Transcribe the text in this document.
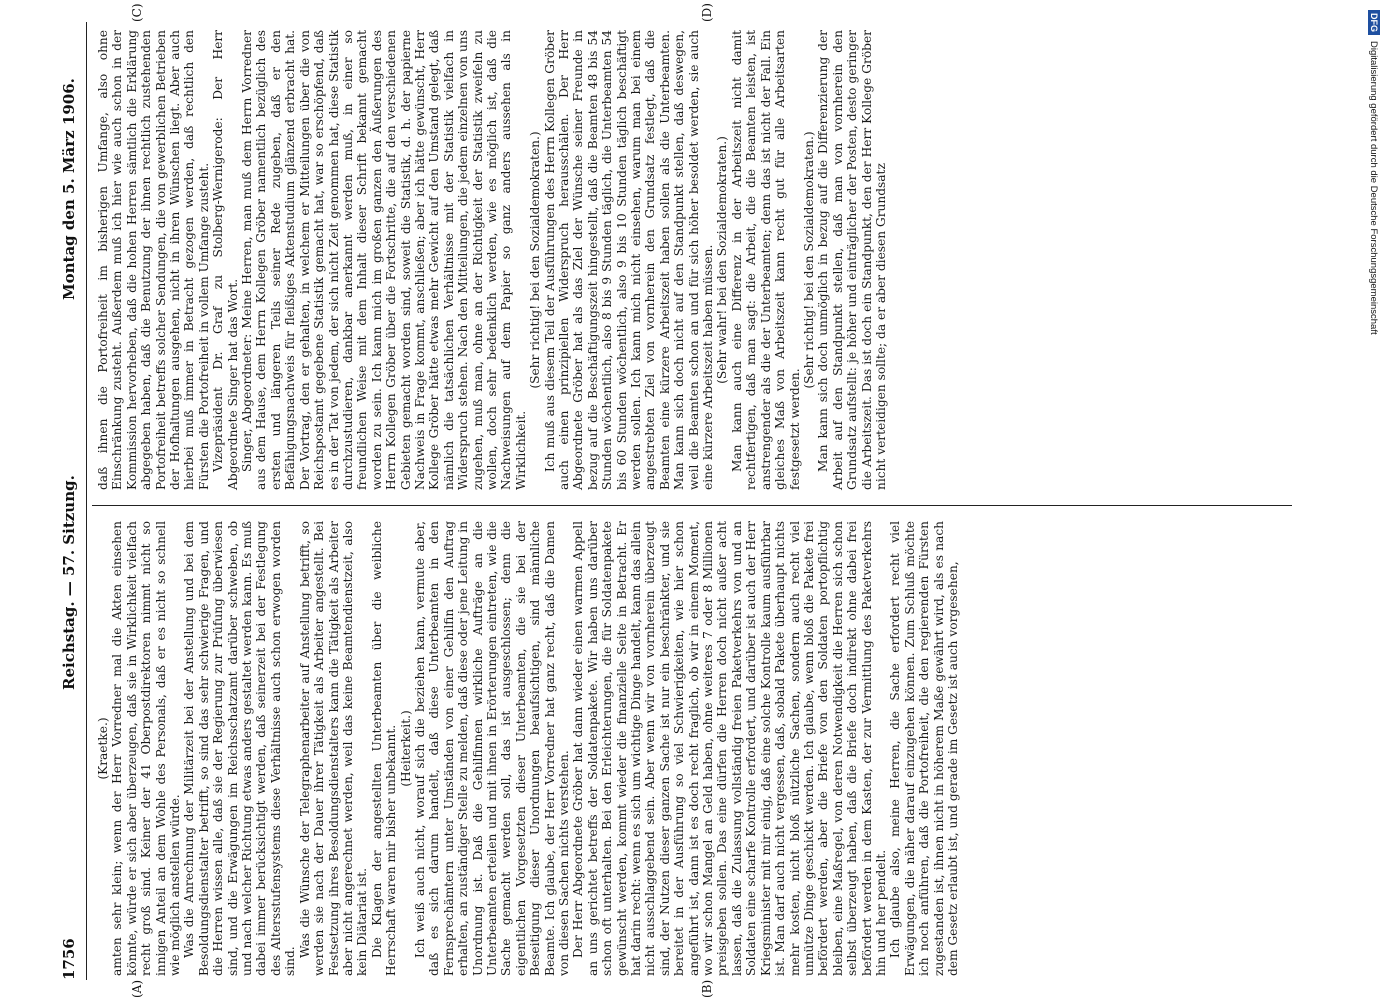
1756
Reichstag. — 57. Sitzung.
Montag den 5. März 1906.
(A)	(B)
(C)	(D)

(Kraetke.) amten sehr klein; wenn der Herr Vorredner mal die Akten einsehen könnte, würde er sich aber überzeugen, daß sie in Wirklichkeit vielfach recht groß sind. Keiner der 41 Oberpostdirektoren nimmt nicht so innigen Anteil an dem Wohle des Personals, daß er es nicht so schnell wie möglich anstellen würde. Was die Anrechnung der Militärzeit bei der Anstellung und bei dem Besoldungsdienstalter betrifft, so sind das sehr schwierige Fragen, und die Herren wissen alle, daß sie der Regierung zur Prüfung überwiesen sind, und die Erwägungen im Reichsschatzamt darüber schweben, ob und nach welcher Richtung etwas anders gestaltet werden kann. Es muß dabei immer berücksichtigt werden, daß seinerzeit bei der Festlegung des Altersstufensystems diese Verhältnisse auch schon erwogen worden sind.

Was die Wünsche der Telegraphenarbeiter auf Anstellung betrifft, so werden sie nach der Dauer ihrer Tätigkeit als Arbeiter angestellt. Bei Festsetzung ihres Besoldungsdienstalters kann die Tätigkeit als Arbeiter aber nicht angerechnet werden, weil das keine Beamtendienstzeit, also kein Diätariat ist. Die Klagen der angestellten Unterbeamten über die weibliche Herrschaft waren mir bisher unbekannt. (Heiterkeit.) Ich weiß auch nicht, worauf sich die beziehen kann, vermute aber, daß es sich darum handelt, daß diese Unterbeamten in den Fernsprechämtern unter Umständen von einer Gehilfin den Auftrag erhalten, an zuständiger Stelle zu melden, daß diese oder jene Leitung in Unordnung ist. Daß die Gehilfinnen wirkliche Aufträge an die Unterbeamten erteilen und mit ihnen in Erörterungen eintreten, wie die Sache gemacht werden soll, das ist ausgeschlossen; denn die eigentlichen Vorgesetzten dieser Unterbeamten, die sie bei der Beseitigung dieser Unordnungen beaufsichtigen, sind männliche Beamte. Ich glaube, der Herr Vorredner hat ganz recht, daß die Damen von diesen Sachen nichts verstehen. Der Herr Abgeordnete Gröber hat dann wieder einen warmen Appell an uns gerichtet betreffs der Soldatenpakete. Wir haben uns darüber schon oft unterhalten. Bei den Erleichterungen, die für Soldatenpakete gewünscht werden, kommt wieder die finanzielle Seite in Betracht. Er hat darin recht: wenn es sich um wichtige Dinge handelt, kann das allein nicht ausschlaggebend sein. Aber wenn wir von vornherein überzeugt sind, der Nutzen dieser ganzen Sache ist nur ein beschränkter, und sie bereitet in der Ausführung so viel Schwierigkeiten, wie hier schon angeführt ist, dann ist es doch recht fraglich, ob wir in einem Moment, wo wir schon Mangel an Geld haben, ohne weiteres 7 oder 8 Millionen preisgeben sollen. Das eine dürfen die Herren doch nicht außer acht lassen, daß die Zulassung vollständig freien Paketverkehrs von und an Soldaten eine scharfe Kontrolle erfordert, und darüber ist auch der Herr Kriegsminister mit mir einig, daß eine solche Kontrolle kaum ausführbar ist. Man darf auch nicht vergessen, daß, sobald Pakete überhaupt nichts mehr kosten, nicht bloß nützliche Sachen, sondern auch recht viel unnütze Dinge geschickt werden. Ich glaube, wenn bloß die Pakete frei befördert werden, aber die Briefe von den Soldaten portopflichtig bleiben, eine Maßregel, von deren Notwendigkeit die Herren sich schon selbst überzeugt haben, daß die Briefe doch indirekt ohne dabei frei befördert werden in dem Kasten, der zur Vermittlung des Paketverkehrs hin und her pendelt. Ich glaube also, meine Herren, die Sache erfordert recht viel Erwägungen, die näher darauf einzugehen können. Zum Schluß möchte ich noch anführen, daß die Portofreiheit, die den regierenden Fürsten zugestanden ist, ihnen nicht in höherem Maße gewährt wird, als es nach dem Gesetz erlaubt ist, und gerade im Gesetz ist auch vorgesehen,

daß ihnen die Portofreiheit im bisherigen Umfange, also ohne Einschränkung zusteht. Außerdem muß ich hier wie auch schon in der Kommission hervorheben, daß die hohen Herren sämtlich die Erklärung abgegeben haben, daß die Benutzung der ihnen rechtlich zustehenden Portofreiheit betreffs solcher Sendungen, die von gewerblichen Betrieben der Hofhaltungen ausgehen, nicht in ihren Wünschen liegt. Aber auch hierbei muß immer in Betracht gezogen werden, daß rechtlich den Fürsten die Portofreiheit in vollem Umfange zusteht. Vizepräsident Dr. Graf zu Stolberg-Wernigerode: Der Herr Abgeordnete Singer hat das Wort. Singer, Abgeordneter: Meine Herren, man muß dem Herrn Vorredner aus dem Hause, dem Herrn Kollegen Gröber namentlich bezüglich des ersten und längeren Teils seiner Rede zugeben, daß er den Befähigungsnachweis für fleißiges Aktenstudium glänzend erbracht hat. Der Vortrag, den er gehalten, in welchem er Mitteilungen über die von Reichspostamt gegebene Statistik gemacht hat, war so erschöpfend, daß es in der Tat von jedem, der sich nicht Zeit genommen hat, diese Statistik durchzustudieren, dankbar anerkannt werden muß, in einer so freundlichen Weise mit dem Inhalt dieser Schrift bekannt gemacht worden zu sein. Ich kann mich im großen ganzen den Äußerungen des Herrn Kollegen Gröber über die Fortschritte, die auf den verschiedenen Gebieten gemacht worden sind, soweit die Statistik, d. h. der papierne Nachweis in Frage kommt, anschließen; aber ich hätte gewünscht, Herr Kollege Gröber hätte etwas mehr Gewicht auf den Umstand gelegt, daß nämlich die tatsächlichen Verhältnisse mit der Statistik vielfach in Widerspruch stehen. Nach den Mitteilungen, die jedem einzelnen von uns zugehen, muß man, ohne an der Richtigkeit der Statistik zweifeln zu wollen, doch sehr bedenklich werden, wie es möglich ist, daß die Nachweisungen auf dem Papier so ganz anders aussehen als in Wirklichkeit.

(Sehr richtig! bei den Sozialdemokraten.) Ich muß aus diesem Teil der Ausführungen des Herrn Kollegen Gröber auch einen prinzipiellen Widerspruch herausschälen. Der Herr Abgeordnete Gröber hat als das Ziel der Wünsche seiner Freunde in bezug auf die Beschäftigungszeit hingestellt, daß die Beamten 48 bis 54 Stunden wöchentlich, also 8 bis 9 Stunden täglich, die Unterbeamten 54 bis 60 Stunden wöchentlich, also 9 bis 10 Stunden täglich beschäftigt werden sollen. Ich kann mich nicht einsehen, warum man bei einem angestrebten Ziel von vornherein den Grundsatz festlegt, daß die Beamten eine kürzere Arbeitszeit haben sollen als die Unterbeamten. Man kann sich doch nicht auf den Standpunkt stellen, daß deswegen, weil die Beamten schon an und für sich höher besoldet werden, sie auch eine kürzere Arbeitszeit haben müssen. (Sehr wahr! bei den Sozialdemokraten.) Man kann auch eine Differenz in der Arbeitszeit nicht damit rechtfertigen, daß man sagt: die Arbeit, die die Beamten leisten, ist anstrengender als die der Unterbeamten; denn das ist nicht der Fall. Ein gleiches Maß von Arbeitszeit kann recht gut für alle Arbeitsarten festgesetzt werden.

(Sehr richtig! bei den Sozialdemokraten.) Man kann sich doch unmöglich in bezug auf die Differenzierung der Arbeit auf den Standpunkt stellen, daß man von vornherein den Grundsatz aufstellt: je höher und einträglicher der Posten, desto geringer die Arbeitszeit. Das ist doch ein Standpunkt, den der Herr Kollege Gröber nicht verteidigen sollte; da er aber diesen Grundsatz

DFGDigitalisierung gefördert durch die Deutsche Forschungsgemeinschaft
